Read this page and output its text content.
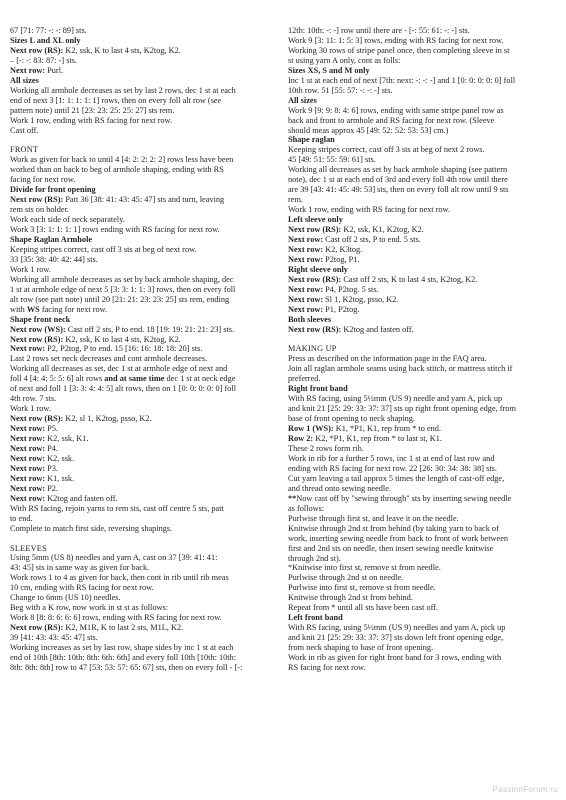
67 [71: 77: -: -: 89] sts.
Sizes L and XL only
Next row (RS): K2, ssk, K to last 4 sts, K2tog, K2.
– [-: -: 83: 87: -] sts.
Next row: Purl.
All sizes
Working all armhole decreases as set by last 2 rows, dec 1 st at each
end of next 3 [1: 1: 1: 1: 1] rows, then on every foll alt row (see
pattern note) until 21 [23: 23: 25: 25: 27] sts rem.
Work 1 row, ending with RS facing for next row.
Cast off.
FRONT
Work as given for back to until 4 [4: 2: 2: 2: 2] rows less have been
worked than on back to beg of armhole shaping, ending with RS
facing for next row.
Divide for front opening
Next row (RS): Patt 36 [38: 41: 43: 45: 47] sts and turn, leaving
rem sts on holder.
Work each side of neck separately.
Work 3 [3: 1: 1: 1: 1] rows ending with RS facing for next row.
Shape Raglan Armhole
Keeping stripes correct, cast off 3 sts at beg of next row.
33 [35: 38: 40: 42: 44] sts.
Work 1 row.
Working all armhole decreases as set by back armhole shaping, dec
1 st at armhole edge of next 5 [3: 3: 1: 1: 3] rows, then on every foll
alt row (see patt note) until 20 [21: 21: 23: 23: 25] sts rem, ending
with WS facing for next row.
Shape front neck
Next row (WS): Cast off 2 sts, P to end. 18 [19: 19: 21: 21: 23] sts.
Next row (RS): K2, ssk, K to last 4 sts, K2tog, K2.
Next row: P2, P2tog, P to end. 15 [16: 16: 18: 18: 20] sts.
Last 2 rows set neck decreases and cont armhole decreases.
Working all decreases as set, dec 1 st at armhole edge of next and
foll 4 [4: 4: 5: 5: 6] alt rows and at same time dec 1 st at neck edge
of next and foll 1 [3: 3: 4: 4: 5] alt rows, then on 1 [0: 0: 0: 0: 0] foll
4th row. 7 sts.
Work 1 row.
Next row (RS): K2, sl 1, K2tog, psso, K2.
Next row: P5.
Next row: K2, ssk, K1.
Next row: P4.
Next row: K2, ssk.
Next row: P3.
Next row: K1, ssk.
Next row: P2.
Next row: K2tog and fasten off.
With RS facing, rejoin yarns to rem sts, cast off centre 5 sts, patt
to end.
Complete to match first side, reversing shapings.
SLEEVES
Using 5mm (US 8) needles and yarn A, cast on 37 [39: 41: 41:
43: 45] sts in same way as given for back.
Work rows 1 to 4 as given for back, then cont in rib until rib meas
10 cm, ending with RS facing for next row.
Change to 6mm (US 10) needles.
Beg with a K row, now work in st st as follows:
Work 8 [8: 8: 6: 6: 6] rows, ending with RS facing for next row.
Next row (RS): K2, M1R, K to last 2 sts, M1L, K2.
39 [41: 43: 43: 45: 47] sts.
Working increases as set by last row, shape sides by inc 1 st at each
end of 10th [8th: 10th: 8th: 6th: 6th] and every foll 10th [10th: 10th:
8th: 8th: 8th] row to 47 [53: 53: 57: 65: 67] sts, then on every foll - [-:
12th: 10th: -: -] row until there are - [-: 55: 61: -: -] sts.
Work 9 [3: 11: 1: 5: 3] rows, ending with RS facing for next row.
Working 30 rows of stripe panel once, then completing sleeve in st
st using yarn A only, cont as folls:
Sizes XS, S and M only
Inc 1 st at each end of next [7th: next: -: -: -] and 1 [0: 0: 0: 0: 0] foll
10th row. 51 [55: 57: -: -: -] sts.
All sizes
Work 9 [9: 9: 8: 4: 6] rows, ending with same stripe panel row as
back and front to armhole and RS facing for next row. (Sleeve
should meas approx 45 [49: 52: 52: 53: 53] cm.)
Shape raglan
Keeping stripes correct, cast off 3 sts at beg of next 2 rows.
45 [49: 51: 55: 59: 61] sts.
Working all decreases as set by back armhole shaping (see pattern
note), dec 1 st at each end of 3rd and every foll 4th row until there
are 39 [43: 41: 45: 49: 53] sts, then on every foll alt row until 9 sts
rem.
Work 1 row, ending with RS facing for next row.
Left sleeve only
Next row (RS): K2, ssk, K1, K2tog, K2.
Next row: Cast off 2 sts, P to end. 5 sts.
Next row: K2, K3tog.
Next row: P2tog, P1.
Right sleeve only
Next row (RS): Cast off 2 sts, K to last 4 sts, K2tog, K2.
Next row: P4, P2tog. 5 sts.
Next row: Sl 1, K2tog, psso, K2.
Next row: P1, P2tog.
Both sleeves
Next row (RS): K2tog and fasten off.
MAKING UP
Press as described on the information page in the FAQ area.
Join all raglan armhole seams using back stitch, or mattress stitch if
preferred.
Right front band
With RS facing, using 5½mm (US 9) needle and yarn A, pick up
and knit 21 [25: 29: 33: 37: 37] sts up right front opening edge, from
base of front opening to neck shaping.
Row 1 (WS): K1, *P1, K1, rep from * to end.
Row 2: K2, *P1, K1, rep from * to last st, K1.
These 2 rows form rib.
Work in rib for a further 5 rows, inc 1 st at end of last row and
ending with RS facing for next row. 22 [26: 30: 34: 38: 38] sts.
Cut yarn leaving a tail approx 5 times the length of cast-off edge,
and thread onto sewing needle.
**Now cast off by "sewing through" sts by inserting sewing needle
as follows:
Purlwise through first st, and leave it on the needle.
Knitwise through 2nd st from behind (by taking yarn to back of
work, inserting sewing needle from back to front of work between
first and 2nd sts on needle, then insert sewing needle knitwise
through 2nd st).
*Knitwise into first st, remove st from needle.
Purlwise through 2nd st on needle.
Purlwise into first st, remove st from needle.
Knitwise through 2nd st from behind.
Repeat from * until all sts have been cast off.
Left front band
With RS facing, using 5½mm (US 9) needles and yarn A, pick up
and knit 21 [25: 29: 33: 37: 37] sts down left front opening edge,
from neck shaping to base of front opening.
Work in rib as given for right front band for 3 rows, ending with
RS facing for next row.
PassionForum.ru
